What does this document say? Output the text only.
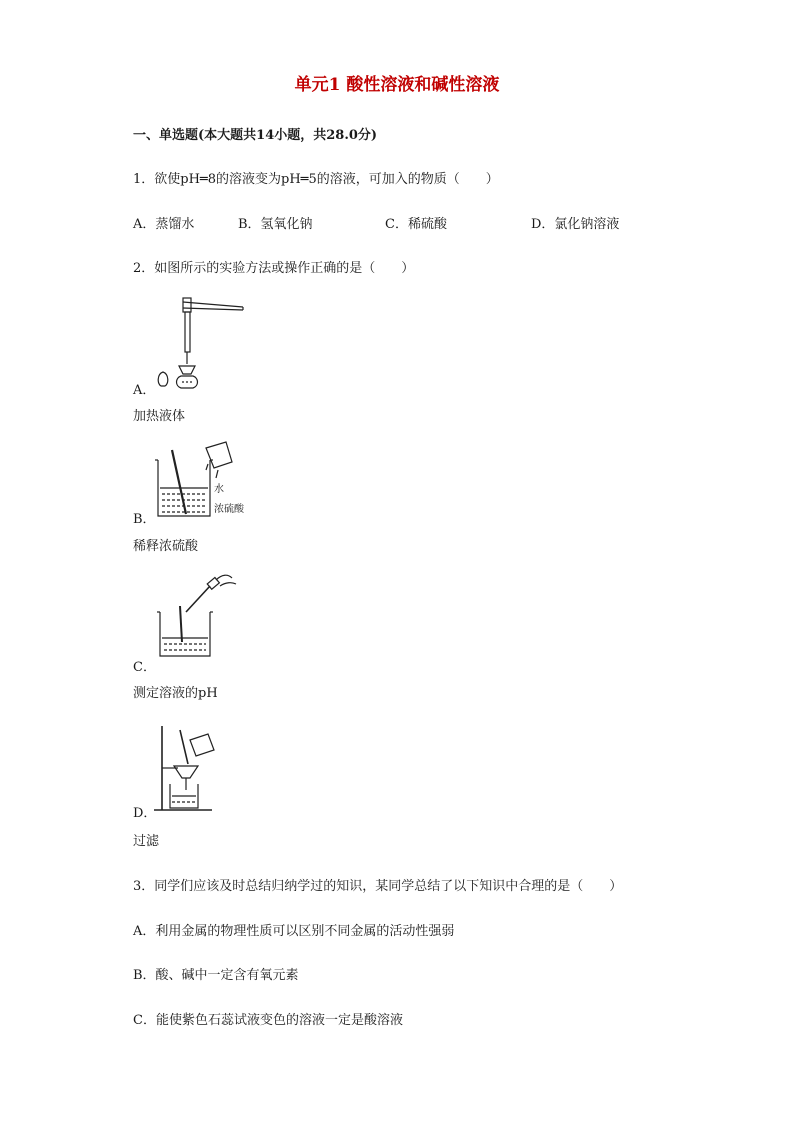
单元1 酸性溶液和碱性溶液
一、单选题(本大题共14小题，共28.0分)
1．欲使pH═8的溶液变为pH═5的溶液，可加入的物质（　　）
A．蒸馏水	B．氢氧化钠	C．稀硫酸	D．氯化钠溶液
2．如图所示的实验方法或操作正确的是（　　）
A．
加热液体
水
浓硫酸
B．
稀释浓硫酸
C．
测定溶液的pH
D．
过滤
3．同学们应该及时总结归纳学过的知识，某同学总结了以下知识中合理的是（　　）
A．利用金属的物理性质可以区别不同金属的活动性强弱
B．酸、碱中一定含有氧元素
C．能使紫色石蕊试液变色的溶液一定是酸溶液
